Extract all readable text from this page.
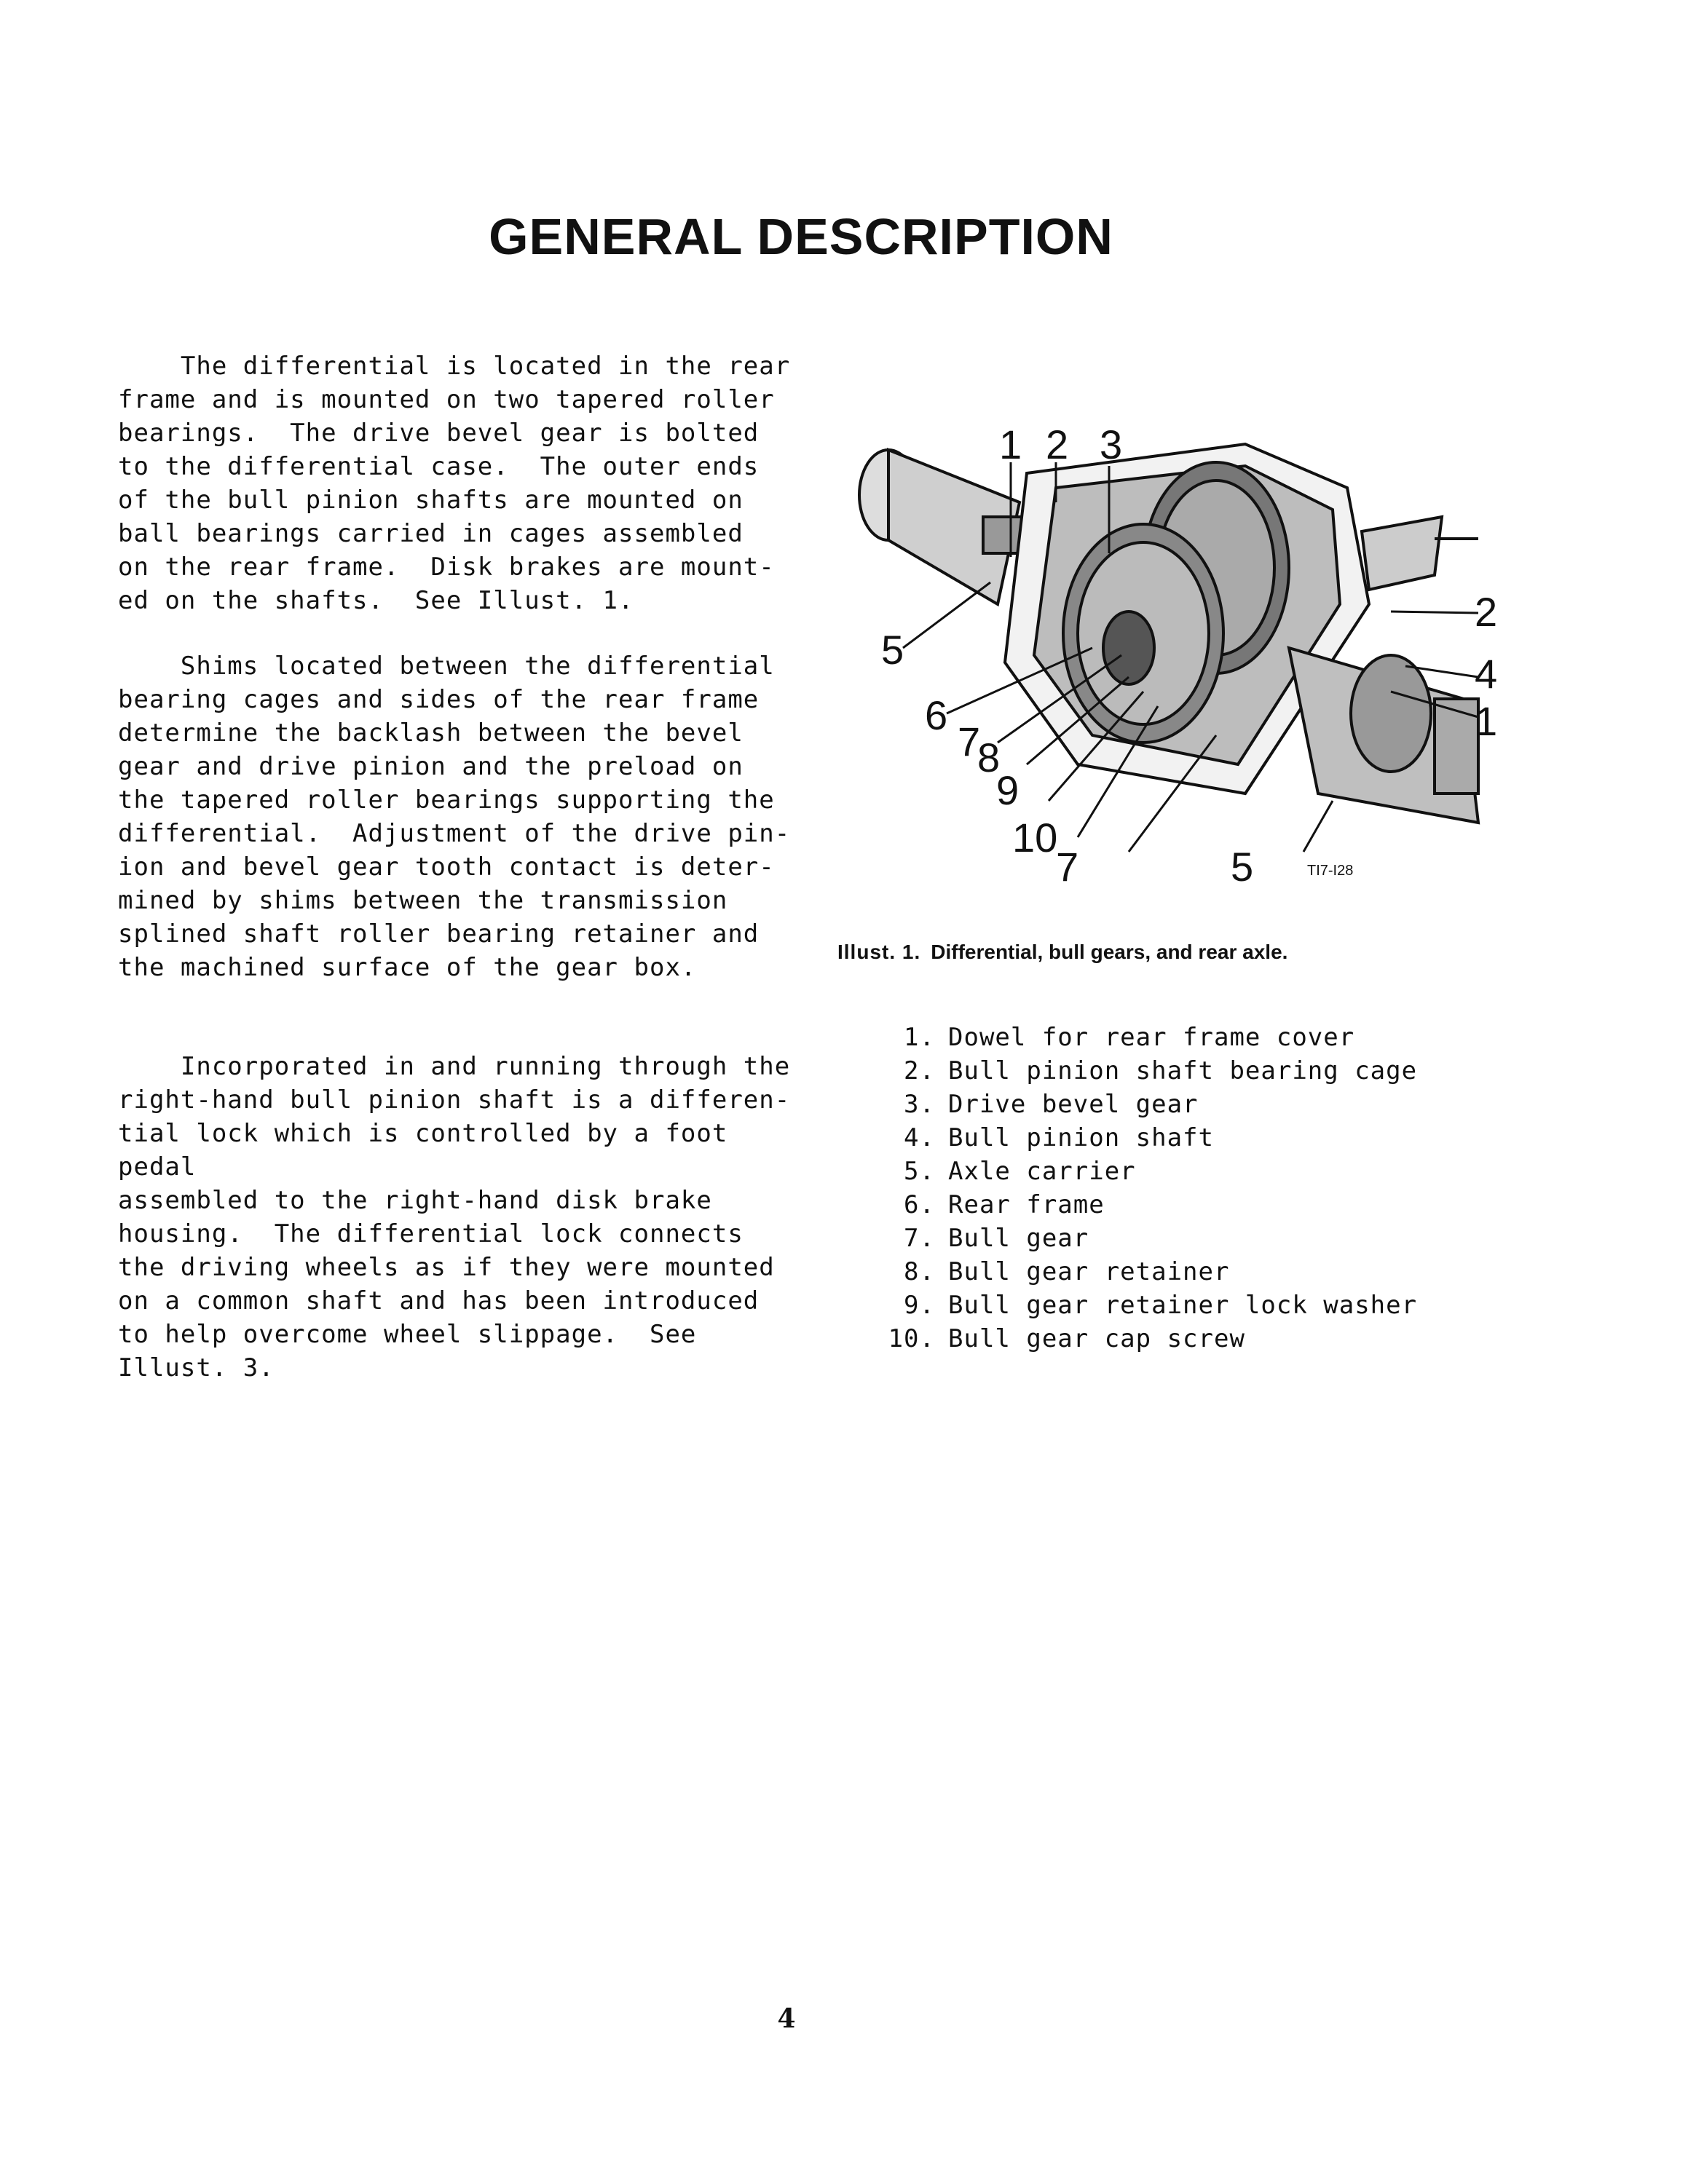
GENERAL DESCRIPTION

The differential is located in the rear
frame and is mounted on two tapered roller
bearings.  The drive bevel gear is bolted
to the differential case.  The outer ends
of the bull pinion shafts are mounted on
ball bearings carried in cages assembled
on the rear frame.  Disk brakes are mount-
ed on the shafts.  See Illust. 1.

Shims located between the differential
bearing cages and sides of the rear frame
determine the backlash between the bevel
gear and drive pinion and the preload on
the tapered roller bearings supporting the
differential.  Adjustment of the drive pin-
ion and bevel gear tooth contact is deter-
mined by shims between the transmission
splined shaft roller bearing retainer and
the machined surface of the gear box.

Incorporated in and running through the
right-hand bull pinion shaft is a differen-
tial lock which is controlled by a foot pedal
assembled to the right-hand disk brake
housing.  The differential lock connects
the driving wheels as if they were mounted
on a common shaft and has been introduced
to help overcome wheel slippage.  See
Illust. 3.

1 2 3
5
2
4
1
6
7
8
9
10
7	5	TI7-I28
Illust. 1. Differential, bull gears, and rear axle.
1. Dowel for rear frame cover
2. Bull pinion shaft bearing cage
3. Drive bevel gear
4. Bull pinion shaft
5. Axle carrier
6. Rear frame
7. Bull gear
8. Bull gear retainer
9. Bull gear retainer lock washer
10. Bull gear cap screw
4
